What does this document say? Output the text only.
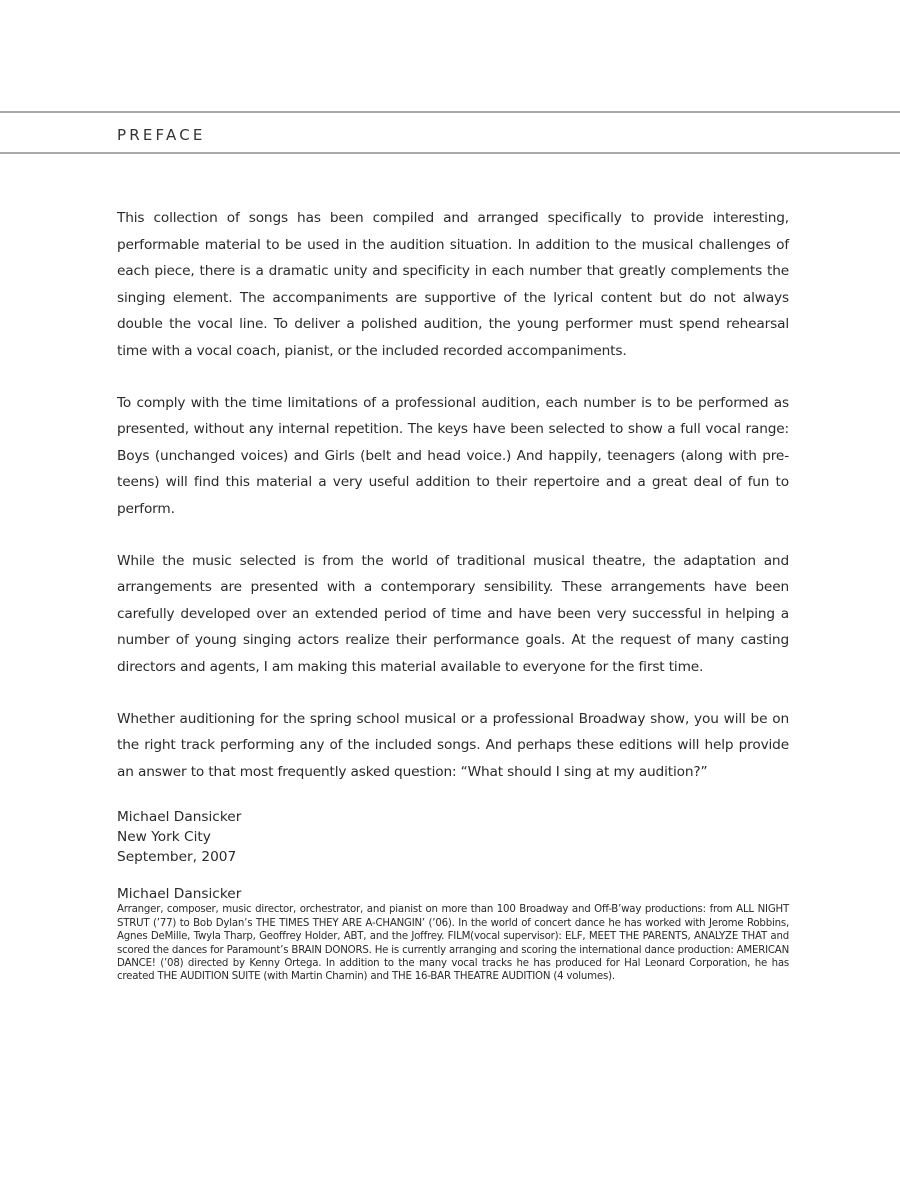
PREFACE

This collection of songs has been compiled and arranged specifically to provide interesting, performable material to be used in the audition situation. In addition to the musical challenges of each piece, there is a dramatic unity and specificity in each number that greatly complements the singing element. The accompaniments are supportive of the lyrical content but do not always double the vocal line. To deliver a polished audition, the young performer must spend rehearsal time with a vocal coach, pianist, or the included recorded accompaniments.

To comply with the time limitations of a professional audition, each number is to be performed as presented, without any internal repetition. The keys have been selected to show a full vocal range: Boys (unchanged voices) and Girls (belt and head voice.) And happily, teenagers (along with pre-teens) will find this material a very useful addition to their repertoire and a great deal of fun to perform.

While the music selected is from the world of traditional musical theatre, the adaptation and arrangements are presented with a contemporary sensibility. These arrangements have been carefully developed over an extended period of time and have been very successful in helping a number of young singing actors realize their performance goals. At the request of many casting directors and agents, I am making this material available to everyone for the first time.

Whether auditioning for the spring school musical or a professional Broadway show, you will be on the right track performing any of the included songs. And perhaps these editions will help provide an answer to that most frequently asked question: “What should I sing at my audition?”

Michael Dansicker
New York City
September, 2007
Michael Dansicker

Arranger, composer, music director, orchestrator, and pianist on more than 100 Broadway and Off-B’way productions: from ALL NIGHT STRUT (’77) to Bob Dylan’s THE TIMES THEY ARE A-CHANGIN’ (’06). In the world of concert dance he has worked with Jerome Robbins, Agnes DeMille, Twyla Tharp, Geoffrey Holder, ABT, and the Joffrey. FILM(vocal supervisor): ELF, MEET THE PARENTS, ANALYZE THAT and scored the dances for Paramount’s BRAIN DONORS. He is currently arranging and scoring the international dance production: AMERICAN DANCE! (’08) directed by Kenny Ortega. In addition to the many vocal tracks he has produced for Hal Leonard Corporation, he has created THE AUDITION SUITE (with Martin Charnin) and THE 16-BAR THEATRE AUDITION (4 volumes).
